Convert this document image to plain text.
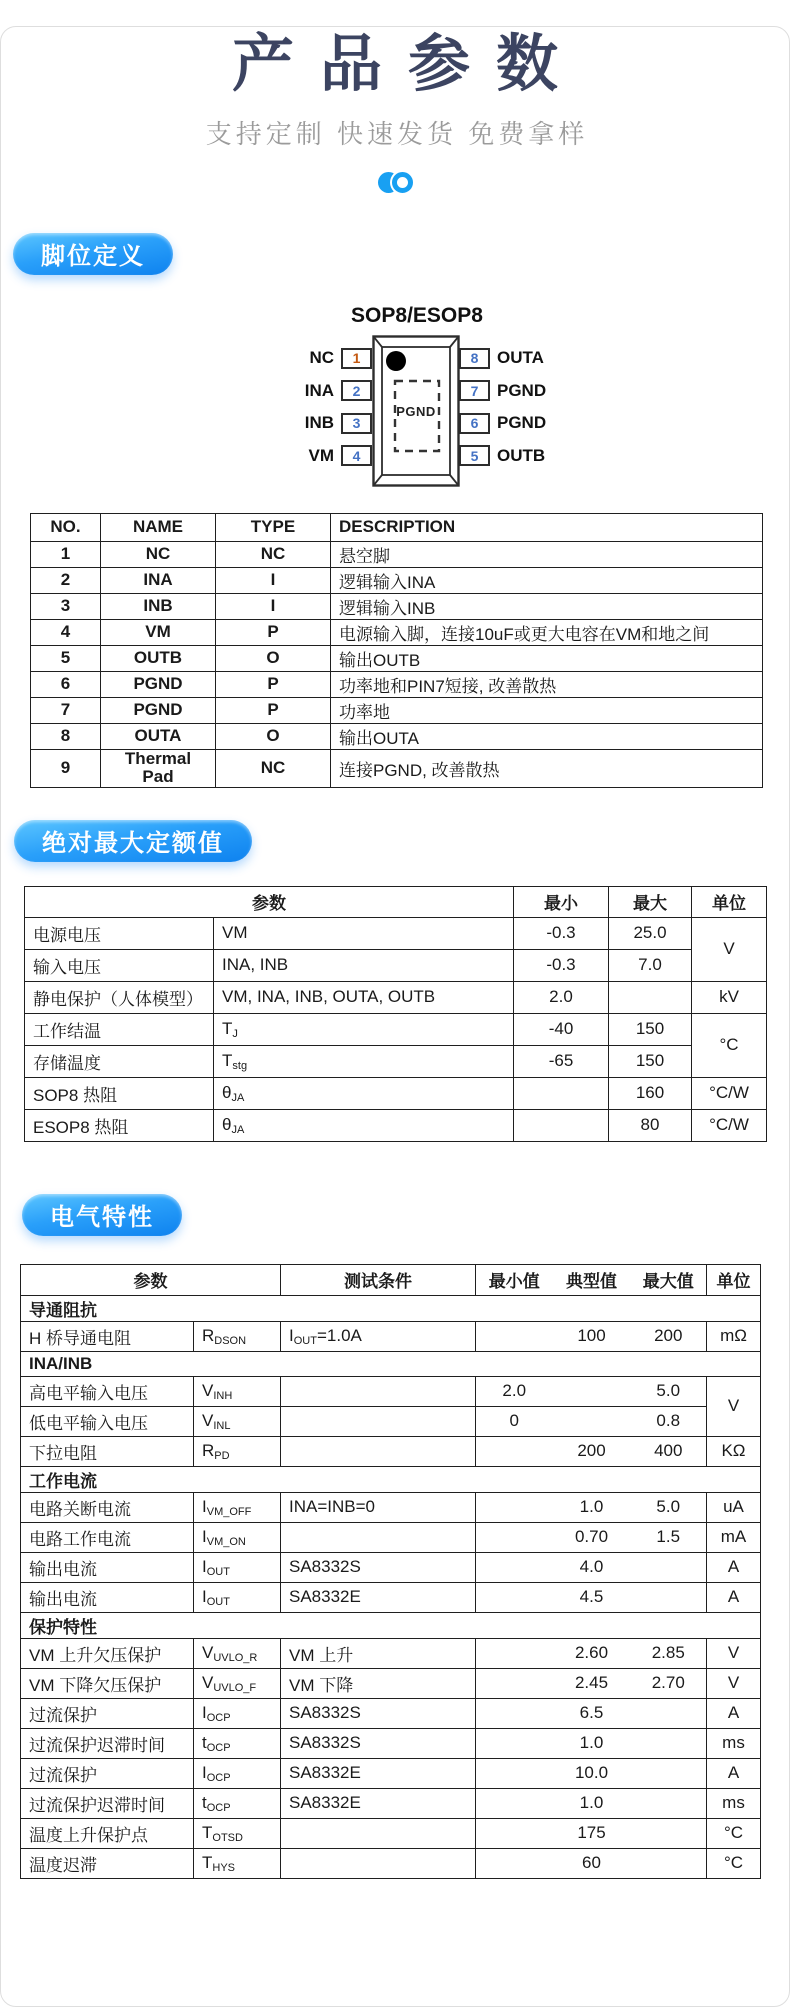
产品参数
支持定制 快速发货 免费拿样
脚位定义
SOP8/ESOP8
PGND
NC	1
INA	2
INB	3
VM	4
8	OUTA
7	PGND
6	PGND
5	OUTB
NO.	NAME	TYPE	DESCRIPTION
1	NC	NC	悬空脚
2	INA	I	逻辑输入INA
3	INB	I	逻辑输入INB
4	VM	P	电源输入脚，连接10uF或更大电容在VM和地之间
5	OUTB	O	输出OUTB
6	PGND	P	功率地和PIN7短接, 改善散热
7	PGND	P	功率地
8	OUTA	O	输出OUTA
9	Thermal Pad	NC	连接PGND, 改善散热
绝对最大定额值
参数		最小	最大	单位
电源电压	VM	-0.3	25.0	V
输入电压	INA, INB	-0.3	7.0	
静电保护（人体模型）	VM, INA, INB, OUTA, OUTB	2.0		kV
工作结温	$T_J$	-40	150	°C
存储温度	$T_{stg}$	-65	150	
SOP8 热阻	$\theta_{JA}$		160	°C/W
ESOP8 热阻	$\theta_{JA}$		80	°C/W
电气特性
参数		测试条件	最小值	典型值	最大值	单位
导通阻抗						
H 桥导通电阻	$R_{DSON}$	$I_{OUT}=1.0A$		100	200	mΩ
INA/INB						
高电平输入电压	$V_{INH}$		2.0		5.0	V
低电平输入电压	$V_{INL}$		0		0.8	
下拉电阻	$R_{PD}$			200	400	KΩ
工作电流						
电路关断电流	$I_{VM\_OFF}$	INA=INB=0		1.0	5.0	uA
电路工作电流	$I_{VM\_ON}$			0.70	1.5	mA
输出电流	$I_{OUT}$	SA8332S		4.0		A
输出电流	$I_{OUT}$	SA8332E		4.5		A
保护特性						
VM 上升欠压保护	$V_{UVLO\_R}$	VM 上升		2.60	2.85	V
VM 下降欠压保护	$V_{UVLO\_F}$	VM 下降		2.45	2.70	V
过流保护	$I_{OCP}$	SA8332S		6.5		A
过流保护迟滞时间	$t_{OCP}$	SA8332S		1.0		ms
过流保护	$I_{OCP}$	SA8332E		10.0		A
过流保护迟滞时间	$t_{OCP}$	SA8332E		1.0		ms
温度上升保护点	$T_{OTSD}$			175		°C
温度迟滞	$T_{HYS}$			60		°C
